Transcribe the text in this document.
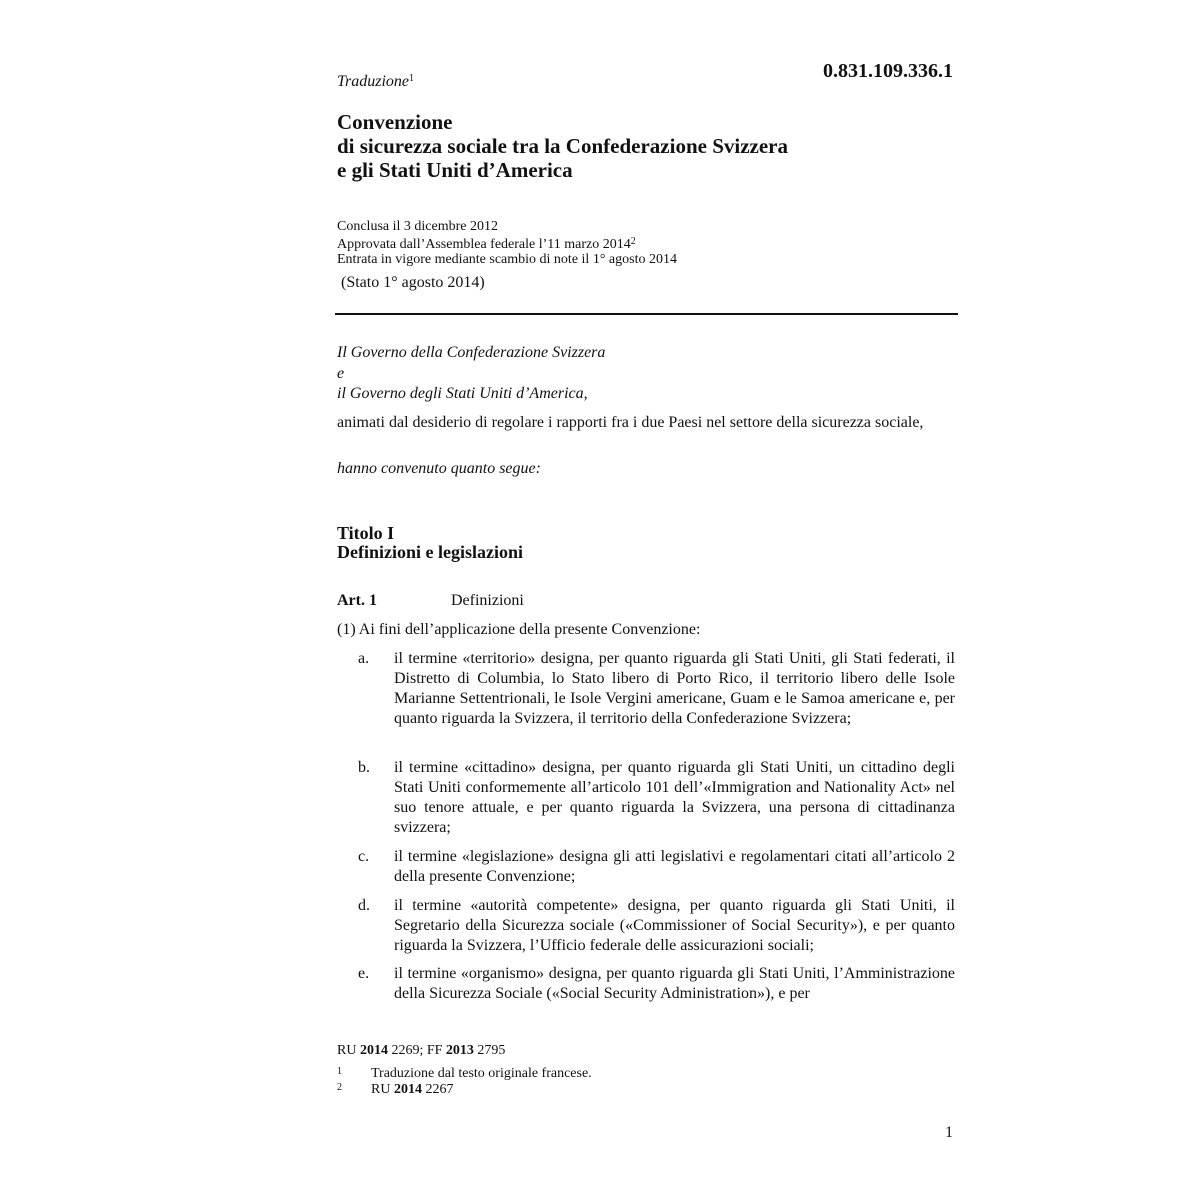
0.831.109.336.1
Traduzione$^1$
Convenzione
di sicurezza sociale tra la Confederazione Svizzera
e gli Stati Uniti d’America
Conclusa il 3 dicembre 2012
Approvata dall’Assemblea federale l’11 marzo 2014$^2$
Entrata in vigore mediante scambio di note il 1° agosto 2014
(Stato 1° agosto 2014)
Il Governo della Confederazione Svizzera
e
il Governo degli Stati Uniti d’America,
animati dal desiderio di regolare i rapporti fra i due Paesi nel settore della sicurezza sociale,
hanno convenuto quanto segue:
Titolo I
Definizioni e legislazioni
Art. 1	Definizioni
(1) Ai fini dell’applicazione della presente Convenzione:
a. il termine «territorio» designa, per quanto riguarda gli Stati Uniti, gli Stati federati, il Distretto di Columbia, lo Stato libero di Porto Rico, il territorio libero delle Isole Marianne Settentrionali, le Isole Vergini americane, Guam e le Samoa americane e, per quanto riguarda la Svizzera, il territorio della Confederazione Svizzera;
b. il termine «cittadino» designa, per quanto riguarda gli Stati Uniti, un cittadino degli Stati Uniti conformemente all’articolo 101 dell’«Immigration and Nationality Act» nel suo tenore attuale, e per quanto riguarda la Svizzera, una persona di cittadinanza svizzera;
c. il termine «legislazione» designa gli atti legislativi e regolamentari citati all’articolo 2 della presente Convenzione;
d. il termine «autorità competente» designa, per quanto riguarda gli Stati Uniti, il Segretario della Sicurezza sociale («Commissioner of Social Security»), e per quanto riguarda la Svizzera, l’Ufficio federale delle assicurazioni sociali;
e. il termine «organismo» designa, per quanto riguarda gli Stati Uniti, l’Amministrazione della Sicurezza Sociale («Social Security Administration»), e per
RU 2014 2269; FF 2013 2795
1 Traduzione dal testo originale francese.
2 RU 2014 2267
1
